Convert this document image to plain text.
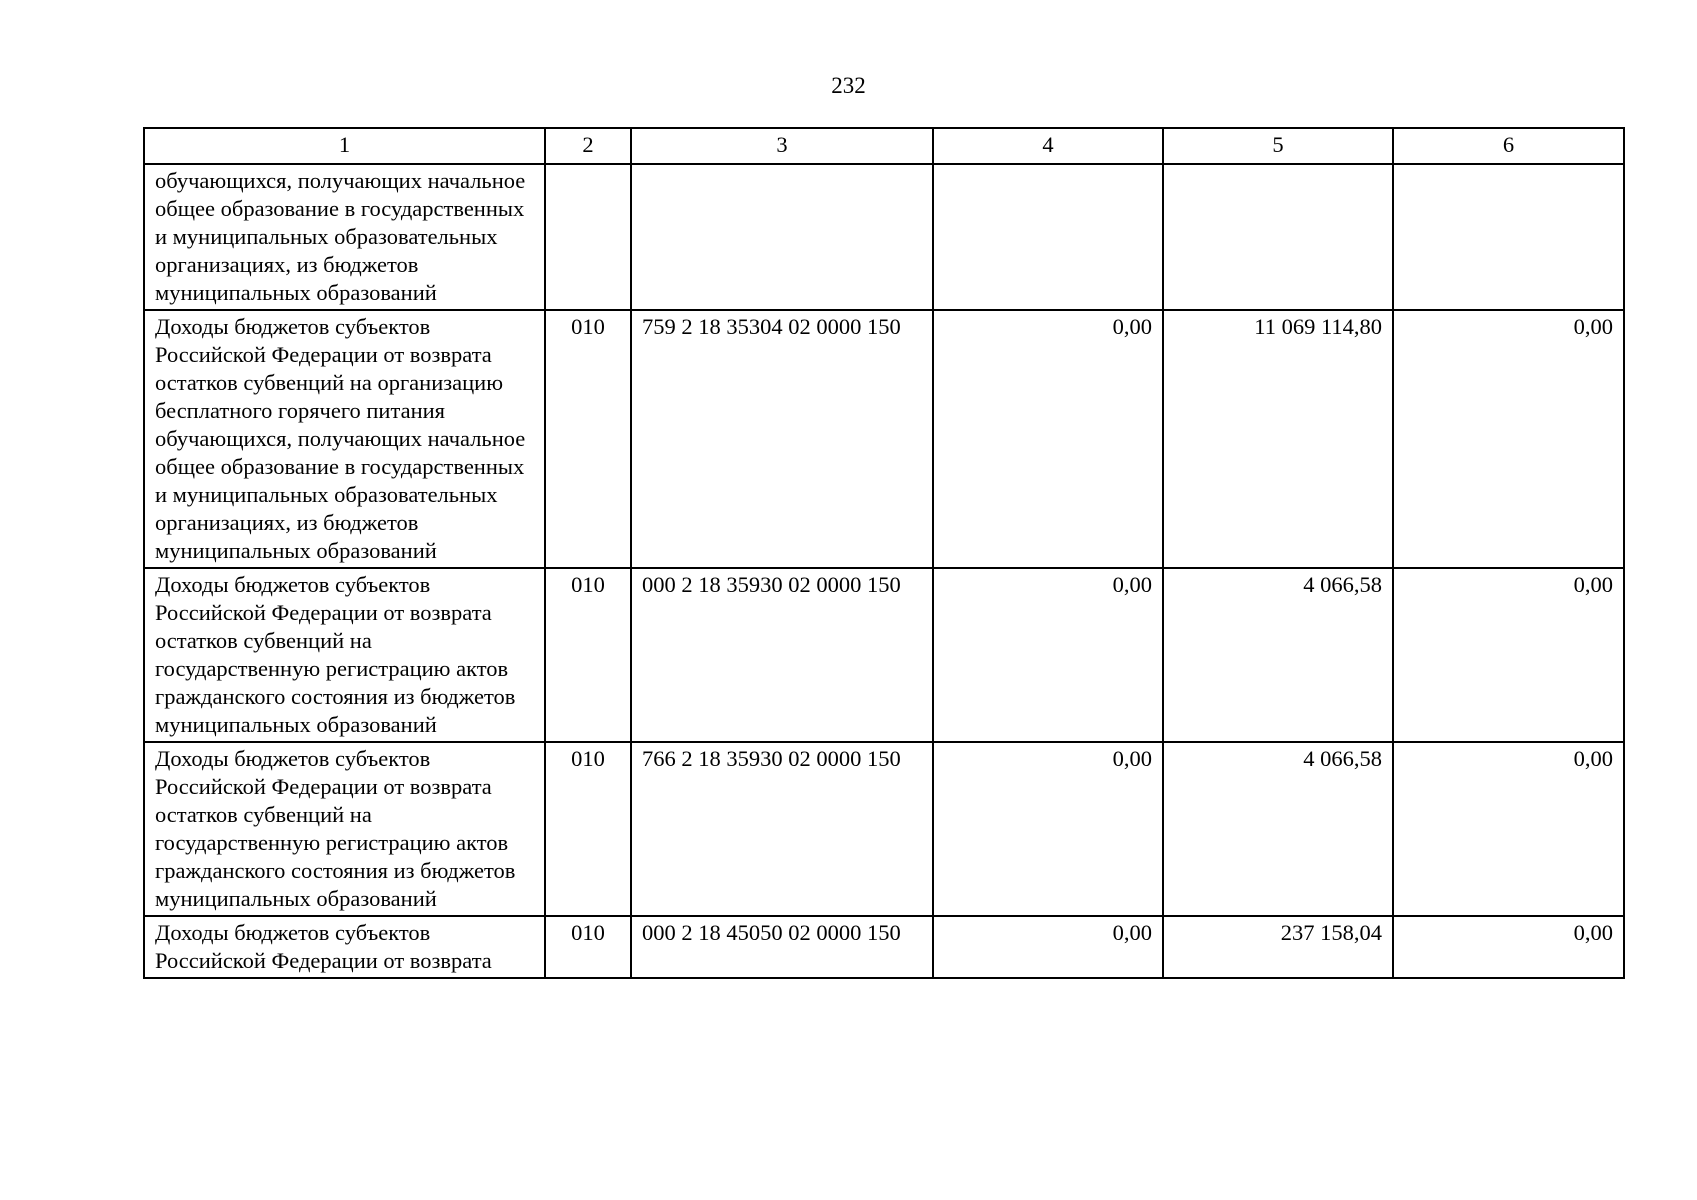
232
1	2	3	4	5	6
обучающихся, получающих начальное общее образование в государственных и муниципальных образовательных организациях, из бюджетов муниципальных образований					
Доходы бюджетов субъектов Российской Федерации от возврата остатков субвенций на организацию бесплатного горячего питания обучающихся, получающих начальное общее образование в государственных и муниципальных образовательных организациях, из бюджетов муниципальных образований	010	759 2 18 35304 02 0000 150	0,00	11 069 114,80	0,00
Доходы бюджетов субъектов Российской Федерации от возврата остатков субвенций на государственную регистрацию актов гражданского состояния из бюджетов муниципальных образований	010	000 2 18 35930 02 0000 150	0,00	4 066,58	0,00
Доходы бюджетов субъектов Российской Федерации от возврата остатков субвенций на государственную регистрацию актов гражданского состояния из бюджетов муниципальных образований	010	766 2 18 35930 02 0000 150	0,00	4 066,58	0,00
Доходы бюджетов субъектов Российской Федерации от возврата	010	000 2 18 45050 02 0000 150	0,00	237 158,04	0,00
